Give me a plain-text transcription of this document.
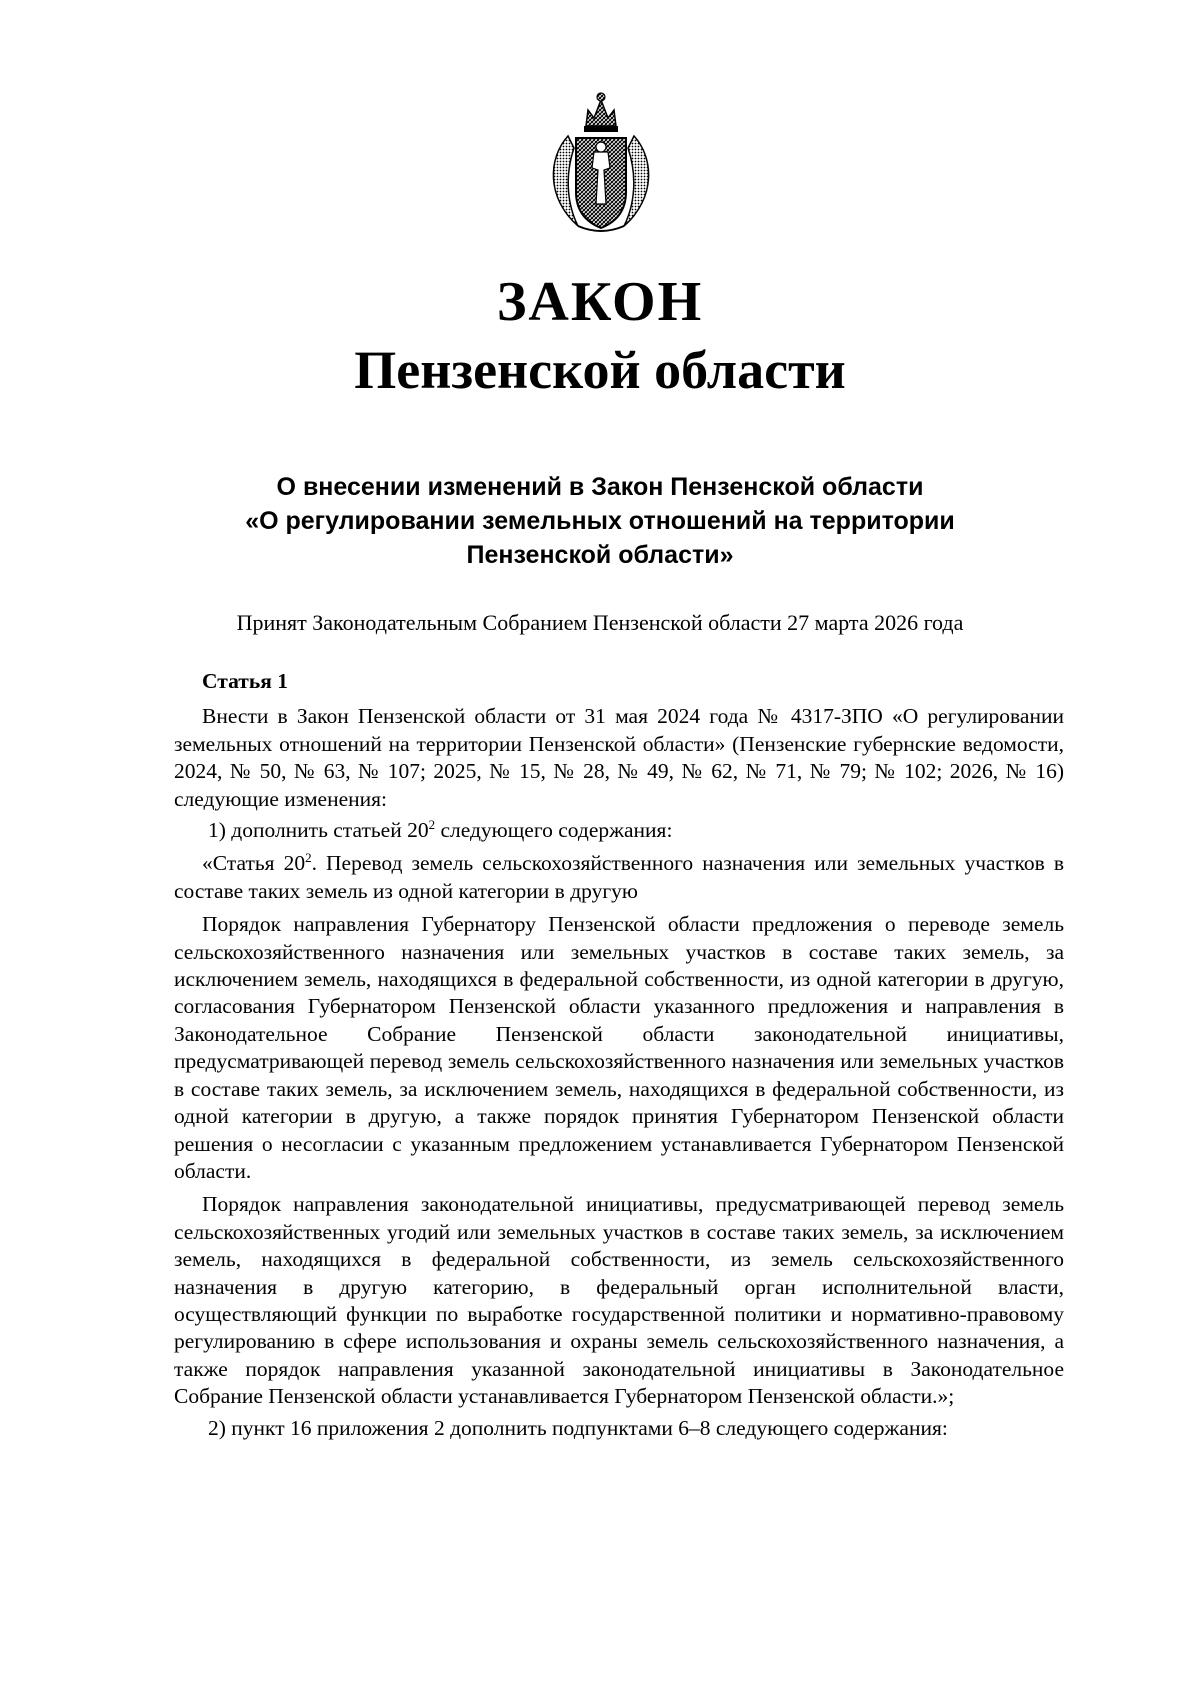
ЗАКОН
Пензенской области
О внесении изменений в Закон Пензенской области
«О регулировании земельных отношений на территории
Пензенской области»

Принят Законодательным Собранием Пензенской области 27 марта 2026 года

Статья 1

Внести в Закон Пензенской области от 31 мая 2024 года № 4317-ЗПО «О регулировании земельных отношений на территории Пензенской области» (Пензенские губернские ведомости, 2024, № 50, № 63, № 107; 2025, № 15, № 28, № 49, № 62, № 71, № 79; № 102; 2026, № 16) следующие изменения:

1) дополнить статьей $20^2$ следующего содержания:

«Статья $20^2$. Перевод земель сельскохозяйственного назначения или земельных участков в составе таких земель из одной категории в другую

Порядок направления Губернатору Пензенской области предложения о переводе земель сельскохозяйственного назначения или земельных участков в составе таких земель, за исключением земель, находящихся в федеральной собственности, из одной категории в другую, согласования Губернатором Пензенской области указанного предложения и направления в Законодательное Собрание Пензенской области законодательной инициативы, предусматривающей перевод земель сельскохозяйственного назначения или земельных участков в составе таких земель, за исключением земель, находящихся в федеральной собственности, из одной категории в другую, а также порядок принятия Губернатором Пензенской области решения о несогласии с указанным предложением устанавливается Губернатором Пензенской области.

Порядок направления законодательной инициативы, предусматривающей перевод земель сельскохозяйственных угодий или земельных участков в составе таких земель, за исключением земель, находящихся в федеральной собственности, из земель сельскохозяйственного назначения в другую категорию, в федеральный орган исполнительной власти, осуществляющий функции по выработке государственной политики и нормативно-правовому регулированию в сфере использования и охраны земель сельскохозяйственного назначения, а также порядок направления указанной законодательной инициативы в Законодательное Собрание Пензенской области устанавливается Губернатором Пензенской области.»;

2) пункт 16 приложения 2 дополнить подпунктами 6–8 следующего содержания:
